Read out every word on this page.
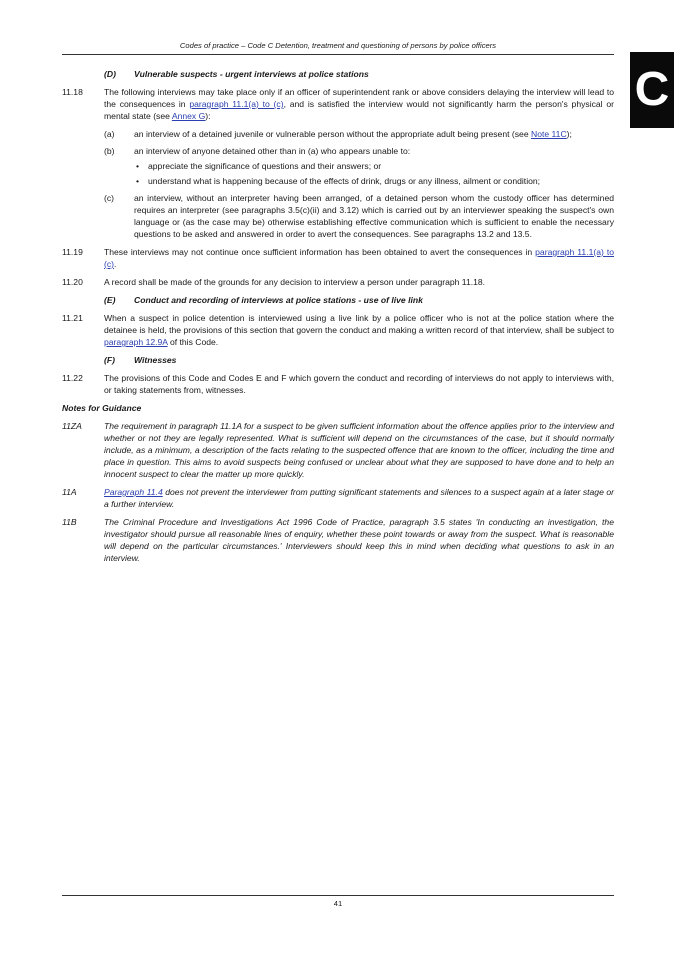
Codes of practice – Code C Detention, treatment and questioning of persons by police officers
C
(D) Vulnerable suspects - urgent interviews at police stations
11.18 The following interviews may take place only if an officer of superintendent rank or above considers delaying the interview will lead to the consequences in paragraph 11.1(a) to (c), and is satisfied the interview would not significantly harm the person's physical or mental state (see Annex G):
(a) an interview of a detained juvenile or vulnerable person without the appropriate adult being present (see Note 11C);
(b) an interview of anyone detained other than in (a) who appears unable to:
• appreciate the significance of questions and their answers; or
• understand what is happening because of the effects of drink, drugs or any illness, ailment or condition;
(c) an interview, without an interpreter having been arranged, of a detained person whom the custody officer has determined requires an interpreter (see paragraphs 3.5(c)(ii) and 3.12) which is carried out by an interviewer speaking the suspect's own language or (as the case may be) otherwise establishing effective communication which is sufficient to enable the necessary questions to be asked and answered in order to avert the consequences. See paragraphs 13.2 and 13.5.
11.19 These interviews may not continue once sufficient information has been obtained to avert the consequences in paragraph 11.1(a) to (c).
11.20 A record shall be made of the grounds for any decision to interview a person under paragraph 11.18.
(E) Conduct and recording of interviews at police stations - use of live link
11.21 When a suspect in police detention is interviewed using a live link by a police officer who is not at the police station where the detainee is held, the provisions of this section that govern the conduct and making a written record of that interview, shall be subject to paragraph 12.9A of this Code.
(F) Witnesses
11.22 The provisions of this Code and Codes E and F which govern the conduct and recording of interviews do not apply to interviews with, or taking statements from, witnesses.
Notes for Guidance
11ZA	The requirement in paragraph 11.1A for a suspect to be given sufficient information about the offence applies prior to the interview and whether or not they are legally represented. What is sufficient will depend on the circumstances of the case, but it should normally include, as a minimum, a description of the facts relating to the suspected offence that are known to the officer, including the time and place in question. This aims to avoid suspects being confused or unclear about what they are supposed to have done and to help an innocent suspect to clear the matter up more quickly.
11A	Paragraph 11.4 does not prevent the interviewer from putting significant statements and silences to a suspect again at a later stage or a further interview.
11B	The Criminal Procedure and Investigations Act 1996 Code of Practice, paragraph 3.5 states 'In conducting an investigation, the investigator should pursue all reasonable lines of enquiry, whether these point towards or away from the suspect. What is reasonable will depend on the particular circumstances.' Interviewers should keep this in mind when deciding what questions to ask in an interview.
41
